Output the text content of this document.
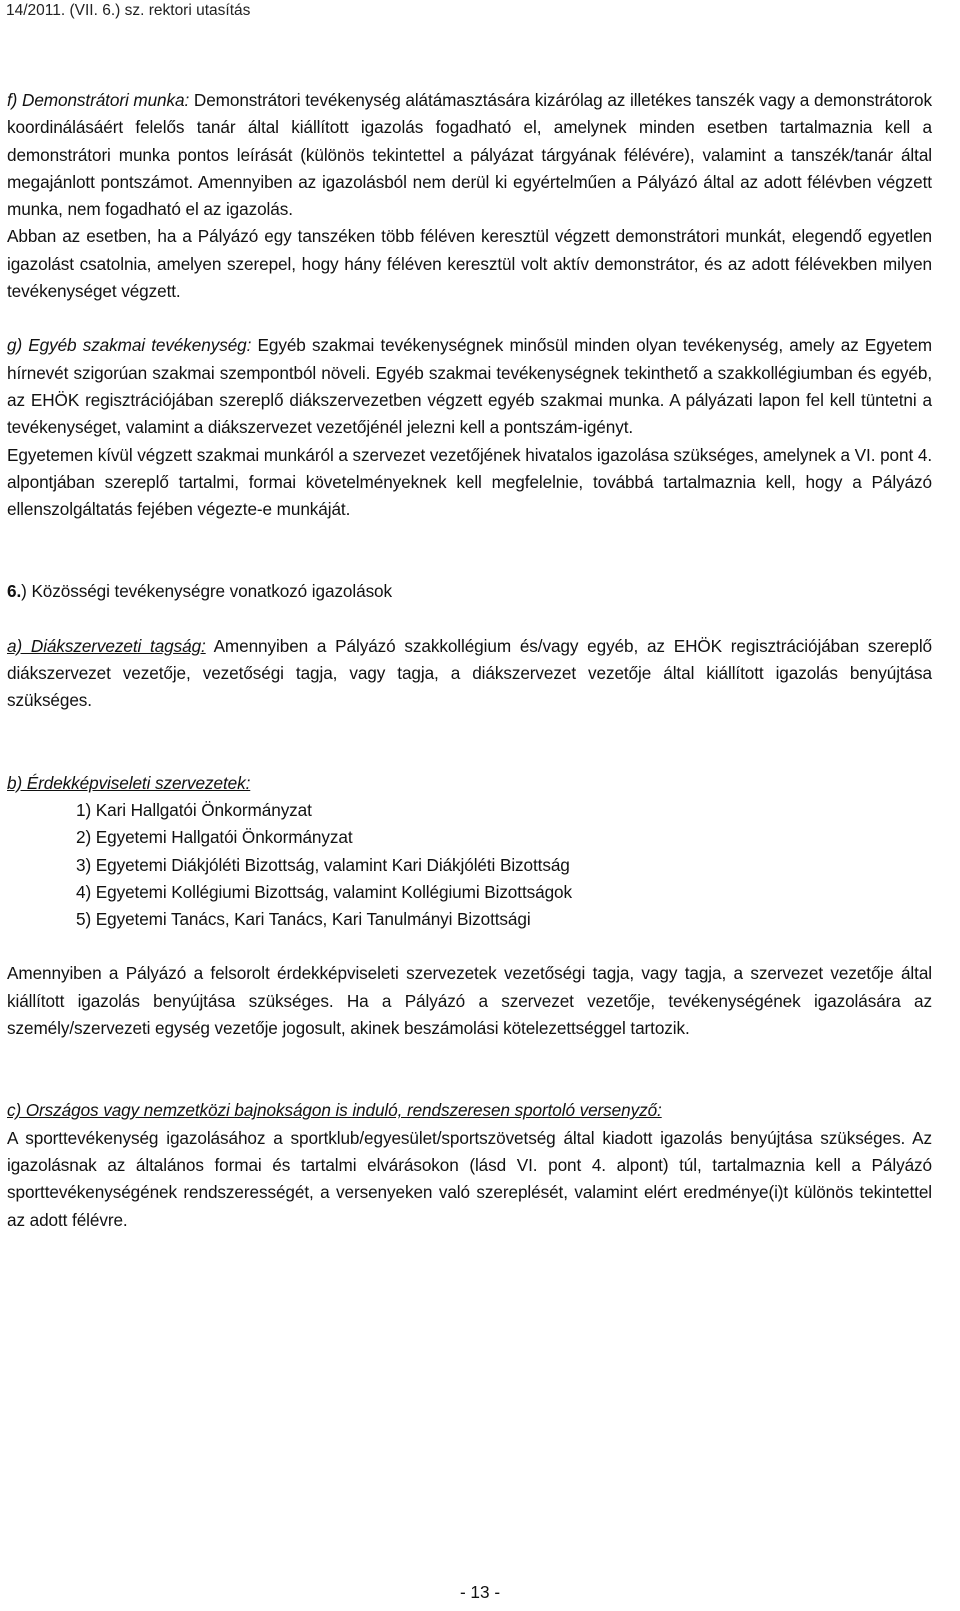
14/2011. (VII. 6.) sz. rektori utasítás

f) Demonstrátori munka: Demonstrátori tevékenység alátámasztására kizárólag az illetékes tanszék vagy a demonstrátorok koordinálásáért felelős tanár által kiállított igazolás fogadható el, amelynek minden esetben tartalmaznia kell a demonstrátori munka pontos leírását (különös tekintettel a pályázat tárgyának félévére), valamint a tanszék/tanár által megajánlott pontszámot. Amennyiben az igazolásból nem derül ki egyértelműen a Pályázó által az adott félévben végzett munka, nem fogadható el az igazolás.

Abban az esetben, ha a Pályázó egy tanszéken több féléven keresztül végzett demonstrátori munkát, elegendő egyetlen igazolást csatolnia, amelyen szerepel, hogy hány féléven keresztül volt aktív demonstrátor, és az adott félévekben milyen tevékenységet végzett.

g) Egyéb szakmai tevékenység: Egyéb szakmai tevékenységnek minősül minden olyan tevékenység, amely az Egyetem hírnevét szigorúan szakmai szempontból növeli. Egyéb szakmai tevékenységnek tekinthető a szakkollégiumban és egyéb, az EHÖK regisztrációjában szereplő diákszervezetben végzett egyéb szakmai munka. A pályázati lapon fel kell tüntetni a tevékenységet, valamint a diákszervezet vezetőjénél jelezni kell a pontszám-igényt.

Egyetemen kívül végzett szakmai munkáról a szervezet vezetőjének hivatalos igazolása szükséges, amelynek a VI. pont 4. alpontjában szereplő tartalmi, formai követelményeknek kell megfelelnie, továbbá tartalmaznia kell, hogy a Pályázó ellenszolgáltatás fejében végezte-e munkáját.

6.) Közösségi tevékenységre vonatkozó igazolások

a) Diákszervezeti tagság: Amennyiben a Pályázó szakkollégium és/vagy egyéb, az EHÖK regisztrációjában szereplő diákszervezet vezetője, vezetőségi tagja, vagy tagja, a diákszervezet vezetője által kiállított igazolás benyújtása szükséges.

b) Érdekképviseleti szervezetek:

1) Kari Hallgatói Önkormányzat
2) Egyetemi Hallgatói Önkormányzat
3) Egyetemi Diákjóléti Bizottság, valamint Kari Diákjóléti Bizottság
4) Egyetemi Kollégiumi Bizottság, valamint Kollégiumi Bizottságok
5) Egyetemi Tanács, Kari Tanács, Kari Tanulmányi Bizottsági

Amennyiben a Pályázó a felsorolt érdekképviseleti szervezetek vezetőségi tagja, vagy tagja, a szervezet vezetője által kiállított igazolás benyújtása szükséges. Ha a Pályázó a szervezet vezetője, tevékenységének igazolására az személy/szervezeti egység vezetője jogosult, akinek beszámolási kötelezettséggel tartozik.

c) Országos vagy nemzetközi bajnokságon is induló, rendszeresen sportoló versenyző:

A sporttevékenység igazolásához a sportklub/egyesület/sportszövetség által kiadott igazolás benyújtása szükséges. Az igazolásnak az általános formai és tartalmi elvárásokon (lásd VI. pont 4. alpont) túl, tartalmaznia kell a Pályázó sporttevékenységének rendszerességét, a versenyeken való szereplését, valamint elért eredménye(i)t különös tekintettel az adott félévre.

- 13 -
